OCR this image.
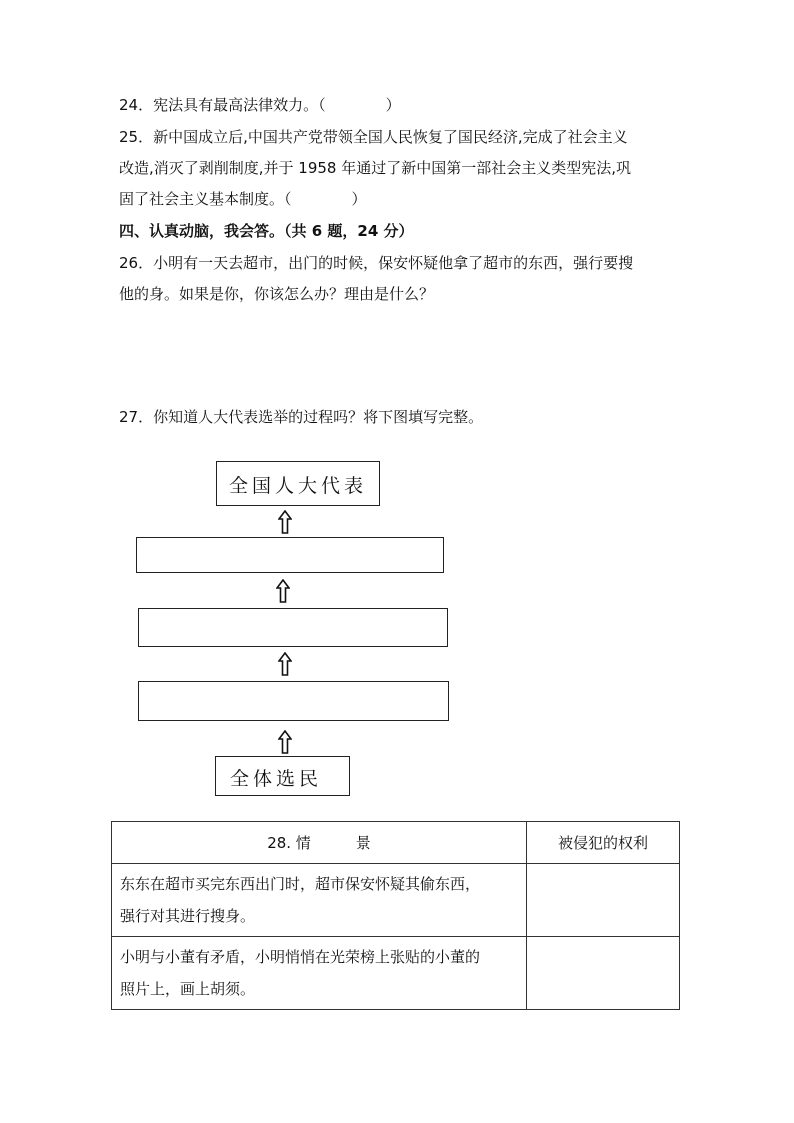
24．宪法具有最高法律效力。（　　　　）
25．新中国成立后,中国共产党带领全国人民恢复了国民经济,完成了社会主义
改造,消灭了剥削制度,并于 1958 年通过了新中国第一部社会主义类型宪法,巩
固了社会主义基本制度。（　　　　）
四、认真动脑，我会答。（共 6 题，24 分）
26．小明有一天去超市，出门的时候，保安怀疑他拿了超市的东西，强行要搜
他的身。如果是你，你该怎么办？理由是什么？
27．你知道人大代表选举的过程吗？将下图填写完整。
全国人大代表
全体选民
28. 情　　　景	被侵犯的权利

东东在超市买完东西出门时，超市保安怀疑其偷东西，
强行对其进行搜身。	

小明与小董有矛盾，小明悄悄在光荣榜上张贴的小董的
照片上，画上胡须。	
